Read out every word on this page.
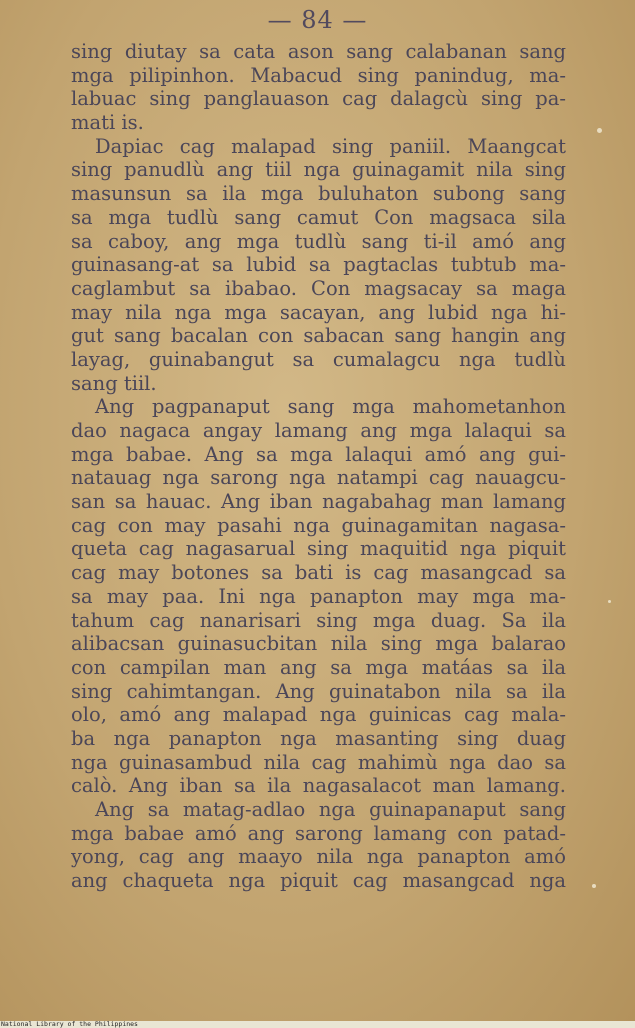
— 84 —
sing diutay sa cata ason sang calabanan sang
mga pilipinhon. Mabacud sing panindug, ma-
labuac sing panglauason cag dalagcù sing pa-
mati is.
Dapiac cag malapad sing paniil. Maangcat
sing panudlù ang tiil nga guinagamit nila sing
masunsun sa ila mga buluhaton subong sang
sa mga tudlù sang camut Con magsaca sila
sa caboy, ang mga tudlù sang ti-il amó ang
guinasang-at sa lubid sa pagtaclas tubtub ma-
caglambut sa ibabao. Con magsacay sa maga
may nila nga mga sacayan, ang lubid nga hi-
gut sang bacalan con sabacan sang hangin ang
layag, guinabangut sa cumalagcu nga tudlù
sang tiil.
Ang pagpanaput sang mga mahometanhon
dao nagaca angay lamang ang mga lalaqui sa
mga babae. Ang sa mga lalaqui amó ang gui-
natauag nga sarong nga natampi cag nauagcu-
san sa hauac. Ang iban nagabahag man lamang
cag con may pasahi nga guinagamitan nagasa-
queta cag nagasarual sing maquitid nga piquit
cag may botones sa bati is cag masangcad sa
sa may paa. Ini nga panapton may mga ma-
tahum cag nanarisari sing mga duag. Sa ila
alibacsan guinasucbitan nila sing mga balarao
con campilan man ang sa mga matáas sa ila
sing cahimtangan. Ang guinatabon nila sa ila
olo, amó ang malapad nga guinicas cag mala-
ba nga panapton nga masanting sing duag
nga guinasambud nila cag mahimù nga dao sa
calò. Ang iban sa ila nagasalacot man lamang.
Ang sa matag-adlao nga guinapanaput sang
mga babae amó ang sarong lamang con patad-
yong, cag ang maayo nila nga panapton amó
ang chaqueta nga piquit cag masangcad nga
National Library of the Philippines
